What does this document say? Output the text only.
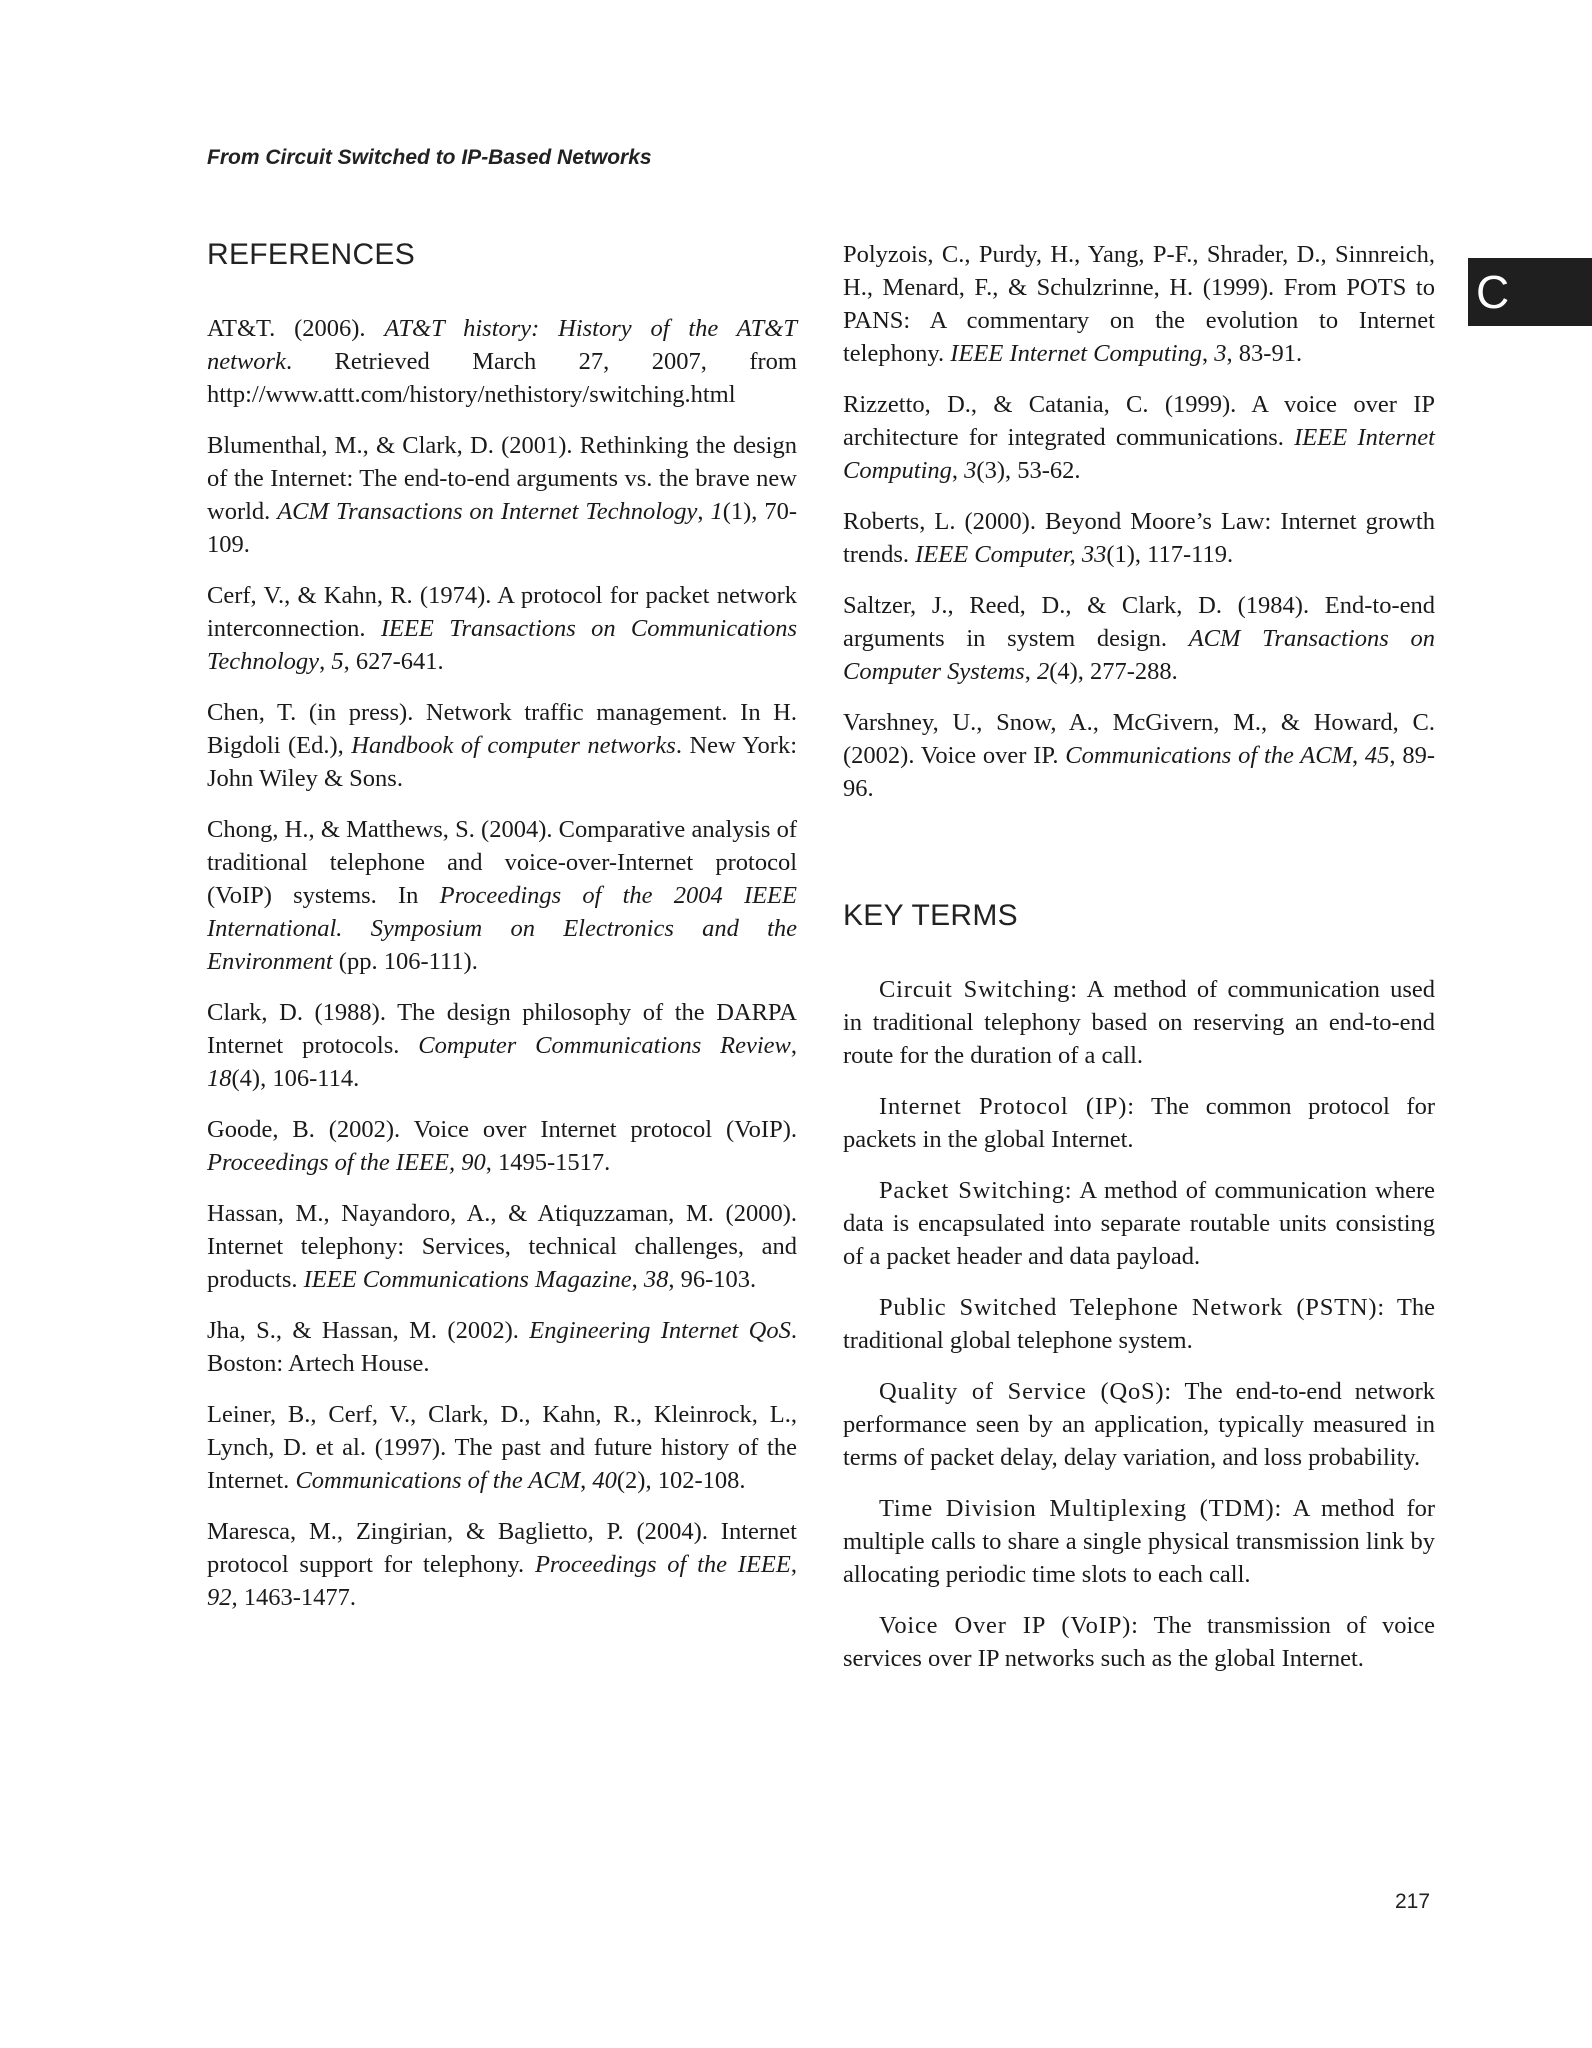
From Circuit Switched to IP-Based Networks
C
REFERENCES

AT&T. (2006). AT&T history: History of the AT&T network. Retrieved March 27, 2007, from http://www.attt.com/history/nethistory/switching.html

Blumenthal, M., & Clark, D. (2001). Rethinking the design of the Internet: The end-to-end arguments vs. the brave new world. ACM Transactions on Internet Technology, 1(1), 70-109.

Cerf, V., & Kahn, R. (1974). A protocol for packet network interconnection. IEEE Transactions on Communications Technology, 5, 627-641.

Chen, T. (in press). Network traffic management. In H. Bigdoli (Ed.), Handbook of computer networks. New York: John Wiley & Sons.

Chong, H., & Matthews, S. (2004). Comparative analysis of traditional telephone and voice-over-Internet protocol (VoIP) systems. In Proceedings of the 2004 IEEE International. Symposium on Electronics and the Environment (pp. 106-111).

Clark, D. (1988). The design philosophy of the DARPA Internet protocols. Computer Communications Review, 18(4), 106-114.

Goode, B. (2002). Voice over Internet protocol (VoIP). Proceedings of the IEEE, 90, 1495-1517.

Hassan, M., Nayandoro, A., & Atiquzzaman, M. (2000). Internet telephony: Services, technical challenges, and products. IEEE Communications Magazine, 38, 96-103.

Jha, S., & Hassan, M. (2002). Engineering Internet QoS. Boston: Artech House.

Leiner, B., Cerf, V., Clark, D., Kahn, R., Kleinrock, L., Lynch, D. et al. (1997). The past and future history of the Internet. Communications of the ACM, 40(2), 102-108.

Maresca, M., Zingirian, & Baglietto, P. (2004). Internet protocol support for telephony. Proceedings of the IEEE, 92, 1463-1477.

Polyzois, C., Purdy, H., Yang, P-F., Shrader, D., Sinnreich, H., Menard, F., & Schulzrinne, H. (1999). From POTS to PANS: A commentary on the evolution to Internet telephony. IEEE Internet Computing, 3, 83-91.

Rizzetto, D., & Catania, C. (1999). A voice over IP architecture for integrated communications. IEEE Internet Computing, 3(3), 53-62.

Roberts, L. (2000). Beyond Moore’s Law: Internet growth trends. IEEE Computer, 33(1), 117-119.

Saltzer, J., Reed, D., & Clark, D. (1984). End-to-end arguments in system design. ACM Transactions on Computer Systems, 2(4), 277-288.

Varshney, U., Snow, A., McGivern, M., & Howard, C. (2002). Voice over IP. Communications of the ACM, 45, 89-96.

KEY TERMS

Circuit Switching: A method of communication used in traditional telephony based on reserving an end-to-end route for the duration of a call.

Internet Protocol (IP): The common protocol for packets in the global Internet.

Packet Switching: A method of communication where data is encapsulated into separate routable units consisting of a packet header and data payload.

Public Switched Telephone Network (PSTN): The traditional global telephone system.

Quality of Service (QoS): The end-to-end network performance seen by an application, typically measured in terms of packet delay, delay variation, and loss probability.

Time Division Multiplexing (TDM): A method for multiple calls to share a single physical transmission link by allocating periodic time slots to each call.

Voice Over IP (VoIP): The transmission of voice services over IP networks such as the global Internet.

217
